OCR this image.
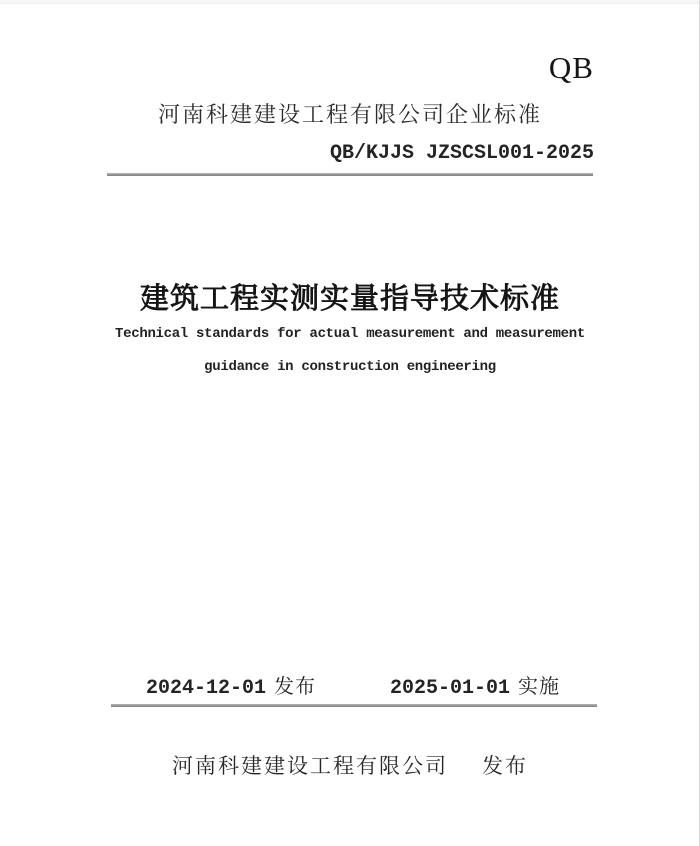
QB
河南科建建设工程有限公司企业标准
QB/KJJS JZSCSL001-2025
建筑工程实测实量指导技术标准
Technical standards for actual measurement and measurement
guidance in construction engineering
2024-12-01 发布	2025-01-01 实施
河南科建建设工程有限公司 发布
